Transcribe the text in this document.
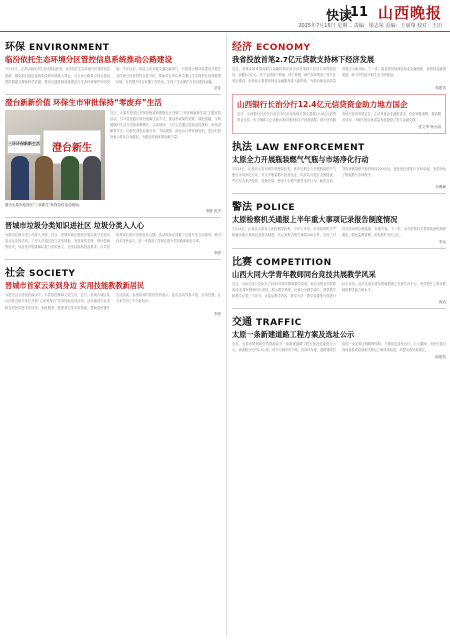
快读
11 山西晚报
2025年7月15日 星期二 责编：梁志荣 美编：王丽翔 校对：王田
环保 ENVIRONMENT
临汾依托生态环境分区管控信息系统推动公路建设
7月13日，记者从临汾市生态环境局获悉，该市依托生态环境分区管控信息系统，强化项目选址选线阶段的环境准入判定，为全市公路重点项目建设提供数据支撑和科学依据，推动交通基础设施建设与生态环境保护协同发展。今年以来，该局主动对接交通运输部门，对拟建公路项目提前开展生态环境分区管控符合性分析，帮助项目单位科学避让生态保护红线等敏感区域，有效提升项目前期工作效率，实现了生态保护与项目建设双赢。
武佳
澄台新新价值 环保生市审批保持“零废弃”生活
三环环保新新生活 澄台新生
近日，太原市迎泽区老军营街道新建街社区开展“三环环保新新生活”主题宣传活动，引导居民践行绿色低碳生活方式，推动形成简约适度、绿色低碳、文明健康的生活方式和消费模式。活动现场，工作人员通过发放宣传资料、现场讲解等方式，向居民普及垃圾分类、节能减排、绿色出行等环保知识。居民们纷纷表示将从自身做起，为建设美丽家园贡献力量。
图为太原市迎泽区“三环新生”环保宣传活动现场。
李静 范杰
晋城市垃圾分类知识进社区 垃圾分类入人心
为推动垃圾分类工作深入开展，近日，晋城市城区组织开展垃圾分类知识进社区宣传活动。工作人员通过设立宣传展板、发放宣传手册、现场答疑等形式，向居民详细讲解垃圾分类的意义、分类标准和投放要求，引导居民养成垃圾分类的良好习惯。活动现场还设置了垃圾分类互动游戏，吸引众多居民参与，进一步提高了居民垃圾分类知晓率和参与率。
李婷
社会 SOCIETY
晋城市首家云来到身边 实用技能教教新居民
为提升社区居民技能水平，丰富居民精神文化生活，近日，晋城市城区某社区联合相关单位开展“云来到身边”实用技能培训活动。活动邀请专业老师为居民讲授手机应用、家政服务、健康养生等实用技能，帮助居民提升生活品质。参加培训的居民纷纷表示，此次活动内容丰富、实用性强，让大家学到了不少新知识。
李婷
经济 ECONOMY
我省投放首笔2.7亿元贷款支持林下经济发展
近日，省林业和草原局联合金融机构完成全省首笔林下经济专项贷款投放，金额2.7亿元，用于支持林下种植、林下养殖、林产品采集加工等产业项目建设。此举标志着我省林业金融服务进入新阶段，为推动林业高质量发展注入新动能。下一步，我省将持续深化林业金融创新，拓宽林业融资渠道，助力乡村振兴和生态文明建设。
郭建英
山西银行长治分行12.4亿元信贷资金助力地方国企
近日，山西银行长治分行成功为长治市某地方国企提供12.4亿元信贷资金支持，有力保障了企业重点项目建设和生产经营需要。该行坚持服务地方经济发展定位，主动对接企业融资需求，优化审批流程，提高服务效率，为地方国企高质量发展提供了有力金融支撑。
张文琴 杨小丽
执法 LAW ENFORCEMENT
太原全力开展瓶装燃气气瓶与市场净化行动
7月14日，记者从太原市城乡管理局获悉，该市近期全力开展瓶装燃气气瓶与市场净化行动，对全市瓶装燃气经营企业、供应站点进行全面排查，严厉打击非法经营、违规充装、使用不合格气瓶等违法行为。截至目前，共检查瓶装燃气经营场所200余处，查处违法违规行为30余起，有效净化了瓶装燃气市场秩序。
米俊峰
警法 POLICE
太原检察机关通报上半年重大事项记录报告制度情况
7月14日，记者从太原市人民检察院获悉，今年上半年，全市检察机关严格落实重大事项记录报告制度，共记录报告相关事项100余件，实现了对司法活动的全程留痕、有据可查。下一步，全市检察机关将持续深化制度落实，强化监督管理，切实维护司法公正。
李戈
比赛 COMPETITION
山西大同大学青年教师同台竞技共展教学风采
近日，山西大同大学举办了2025年青年教师教学竞赛，来自全校各学院的50余名青年教师同台竞技，展示教学风采。比赛分为教学设计、课堂教学和教学反思三个环节，评委从教学内容、教学方法、教学效果等方面进行综合评价。此次比赛为青年教师搭建了交流学习平台，有效提升了青年教师的教学能力和水平。
薛达
交通 TRAFFIC
太原一条新建道路工程方案及选址公示
近日，太原市规划和自然资源局对一条新建道路工程方案及选址进行公示。该道路全长约2.5公里，设计为城市次干路，双向四车道，道路建成后将进一步完善区域路网结构，方便周边居民出行。公示期间，市民可通过现场查看或登录相关网站了解详细信息，并提出意见和建议。
薛建英
